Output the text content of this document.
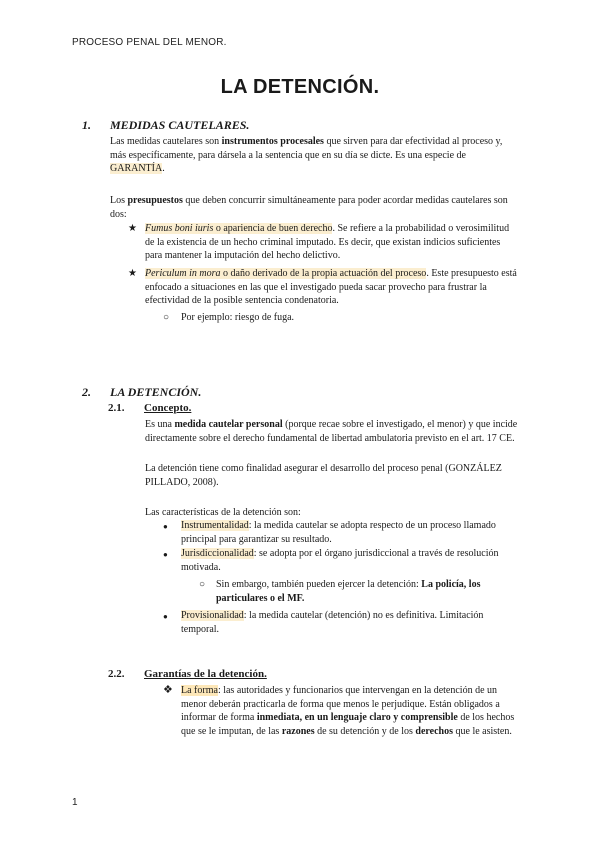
PROCESO PENAL DEL MENOR.
LA DETENCIÓN.
1. MEDIDAS CAUTELARES.
Las medidas cautelares son instrumentos procesales que sirven para dar efectividad al proceso y, más específicamente, para dársela a la sentencia que en su día se dicte. Es una especie de GARANTÍA.
Los presupuestos que deben concurrir simultáneamente para poder acordar medidas cautelares son dos:
★ Fumus boni iuris o apariencia de buen derecho. Se refiere a la probabilidad o verosimilitud de la existencia de un hecho criminal imputado. Es decir, que existan indicios suficientes para mantener la imputación del hecho delictivo.
★ Periculum in mora o daño derivado de la propia actuación del proceso. Este presupuesto está enfocado a situaciones en las que el investigado pueda sacar provecho para frustrar la efectividad de la posible sentencia condenatoria.
○ Por ejemplo: riesgo de fuga.
2. LA DETENCIÓN.
2.1. Concepto.
Es una medida cautelar personal (porque recae sobre el investigado, el menor) y que incide directamente sobre el derecho fundamental de libertad ambulatoria previsto en el art. 17 CE.
La detención tiene como finalidad asegurar el desarrollo del proceso penal (GONZÁLEZ PILLADO, 2008).
Las características de la detención son:
● Instrumentalidad: la medida cautelar se adopta respecto de un proceso llamado principal para garantizar su resultado.
● Jurisdiccionalidad: se adopta por el órgano jurisdiccional a través de resolución motivada.
○ Sin embargo, también pueden ejercer la detención: La policía, los particulares o el MF.
● Provisionalidad: la medida cautelar (detención) no es definitiva. Limitación temporal.
2.2. Garantías de la detención.
❖ La forma: las autoridades y funcionarios que intervengan en la detención de un menor deberán practicarla de forma que menos le perjudique. Están obligados a informar de forma inmediata, en un lenguaje claro y comprensible de los hechos que se le imputan, de las razones de su detención y de los derechos que le asisten.
1
